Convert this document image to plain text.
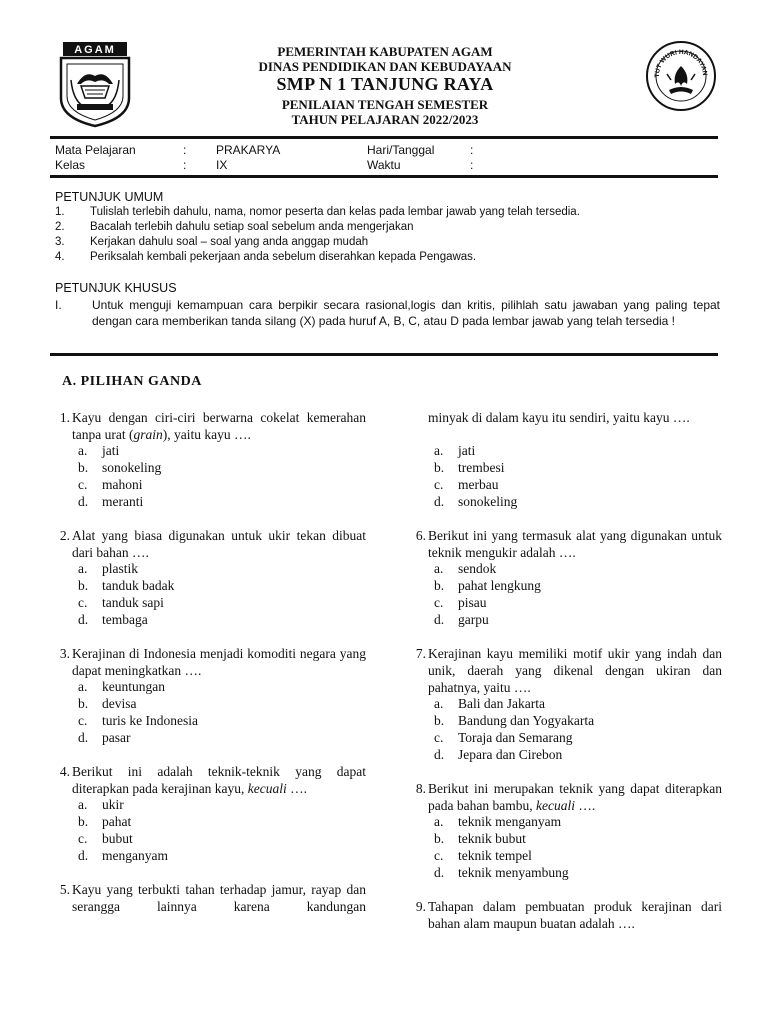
AGAM
TUT WURI HANDAYAN
PEMERINTAH KABUPATEN AGAM
DINAS PENDIDIKAN DAN KEBUDAYAAN
SMP N 1 TANJUNG RAYA
PENILAIAN TENGAH SEMESTER
TAHUN PELAJARAN 2022/2023
Mata Pelajaran	: PRAKARYA	Hari/Tanggal	:
Kelas	: IX	Waktu	:
PETUNJUK UMUM
1. Tulislah terlebih dahulu, nama, nomor peserta dan kelas pada lembar jawab yang telah tersedia.
2. Bacalah terlebih dahulu setiap soal sebelum anda mengerjakan
3. Kerjakan dahulu soal – soal yang anda anggap mudah
4. Periksalah kembali pekerjaan anda sebelum diserahkan kepada Pengawas.
PETUNJUK KHUSUS
I.	Untuk menguji kemampuan cara berpikir secara rasional,logis dan kritis, pilihlah satu jawaban yang paling tepat dengan cara memberikan tanda silang (X) pada huruf A, B, C, atau D pada lembar jawab yang telah tersedia !
A. PILIHAN GANDA
1. Kayu dengan ciri-ciri berwarna cokelat kemerahan tanpa urat (grain), yaitu kayu ….
a. jati
b. sonokeling
c. mahoni
d. meranti
2. Alat yang biasa digunakan untuk ukir tekan dibuat dari bahan ….
a. plastik
b. tanduk badak
c. tanduk sapi
d. tembaga
3. Kerajinan di Indonesia menjadi komoditi negara yang dapat meningkatkan ….
a. keuntungan
b. devisa
c. turis ke Indonesia
d. pasar
4. Berikut ini adalah teknik-teknik yang dapat diterapkan pada kerajinan kayu, kecuali ….
a. ukir
b. pahat
c. bubut
d. menganyam
5. Kayu yang terbukti tahan terhadap jamur, rayap dan serangga lainnya karena kandungan
minyak di dalam kayu itu sendiri, yaitu kayu ….
a. jati
b. trembesi
c. merbau
d. sonokeling
6. Berikut ini yang termasuk alat yang digunakan untuk teknik mengukir adalah ….
a. sendok
b. pahat lengkung
c. pisau
d. garpu
7. Kerajinan kayu memiliki motif ukir yang indah dan unik, daerah yang dikenal dengan ukiran dan pahatnya, yaitu ….
a. Bali dan Jakarta
b. Bandung dan Yogyakarta
c. Toraja dan Semarang
d. Jepara dan Cirebon
8. Berikut ini merupakan teknik yang dapat diterapkan pada bahan bambu, kecuali ….
a. teknik menganyam
b. teknik bubut
c. teknik tempel
d. teknik menyambung
9. Tahapan dalam pembuatan produk kerajinan dari bahan alam maupun buatan adalah ….
